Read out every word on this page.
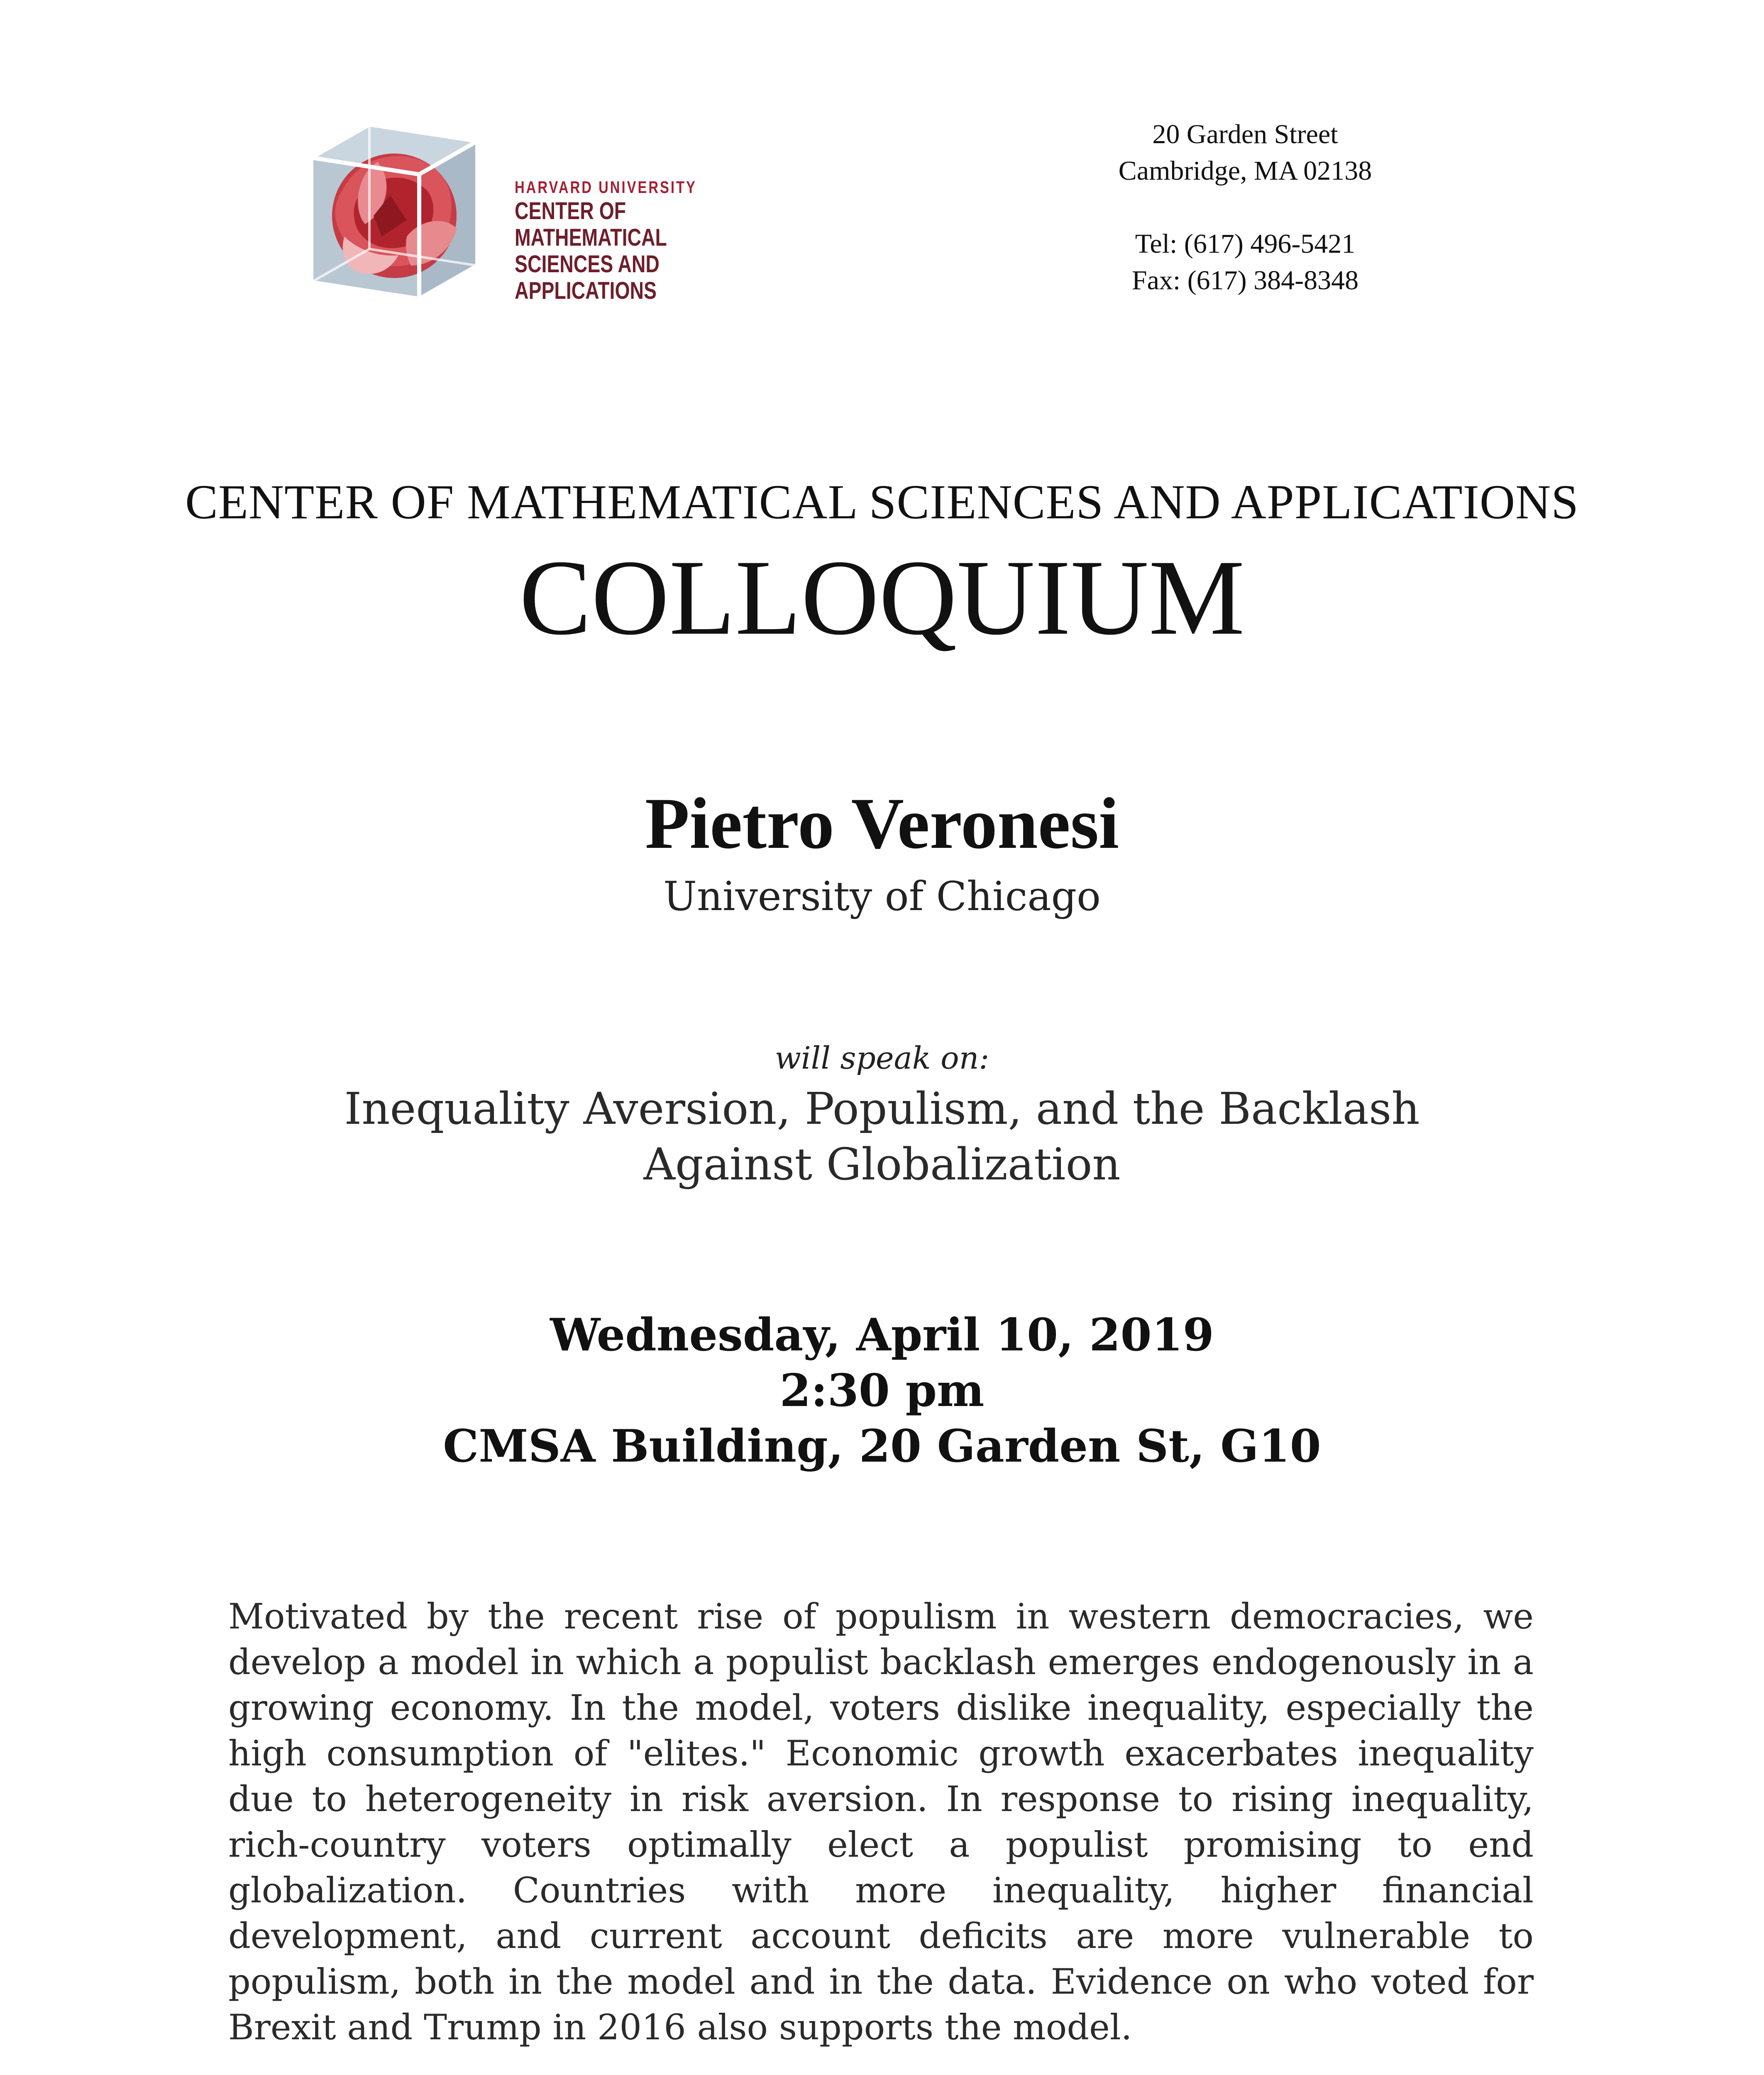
HARVARD UNIVERSITY
CENTER OF MATHEMATICAL
SCIENCES AND APPLICATIONS
20 Garden Street
Cambridge, MA 02138
Tel: (617) 496-5421
Fax: (617) 384-8348
CENTER OF MATHEMATICAL SCIENCES AND APPLICATIONS
COLLOQUIUM
Pietro Veronesi
University of Chicago
will speak on:
Inequality Aversion, Populism, and the Backlash
Against Globalization
Wednesday, April 10, 2019
2:30 pm
CMSA Building, 20 Garden St, G10
Motivated by the recent rise of populism in western democracies, we develop a model in which a populist backlash emerges endogenously in a growing economy. In the model, voters dislike inequality, especially the high consumption of "elites." Economic growth exacerbates inequality due to heterogeneity in risk aversion. In response to rising inequality, rich-country voters optimally elect a populist promising to end globalization. Countries with more inequality, higher financial development, and current account deficits are more vulnerable to populism, both in the model and in the data. Evidence on who voted for Brexit and Trump in 2016 also supports the model.
